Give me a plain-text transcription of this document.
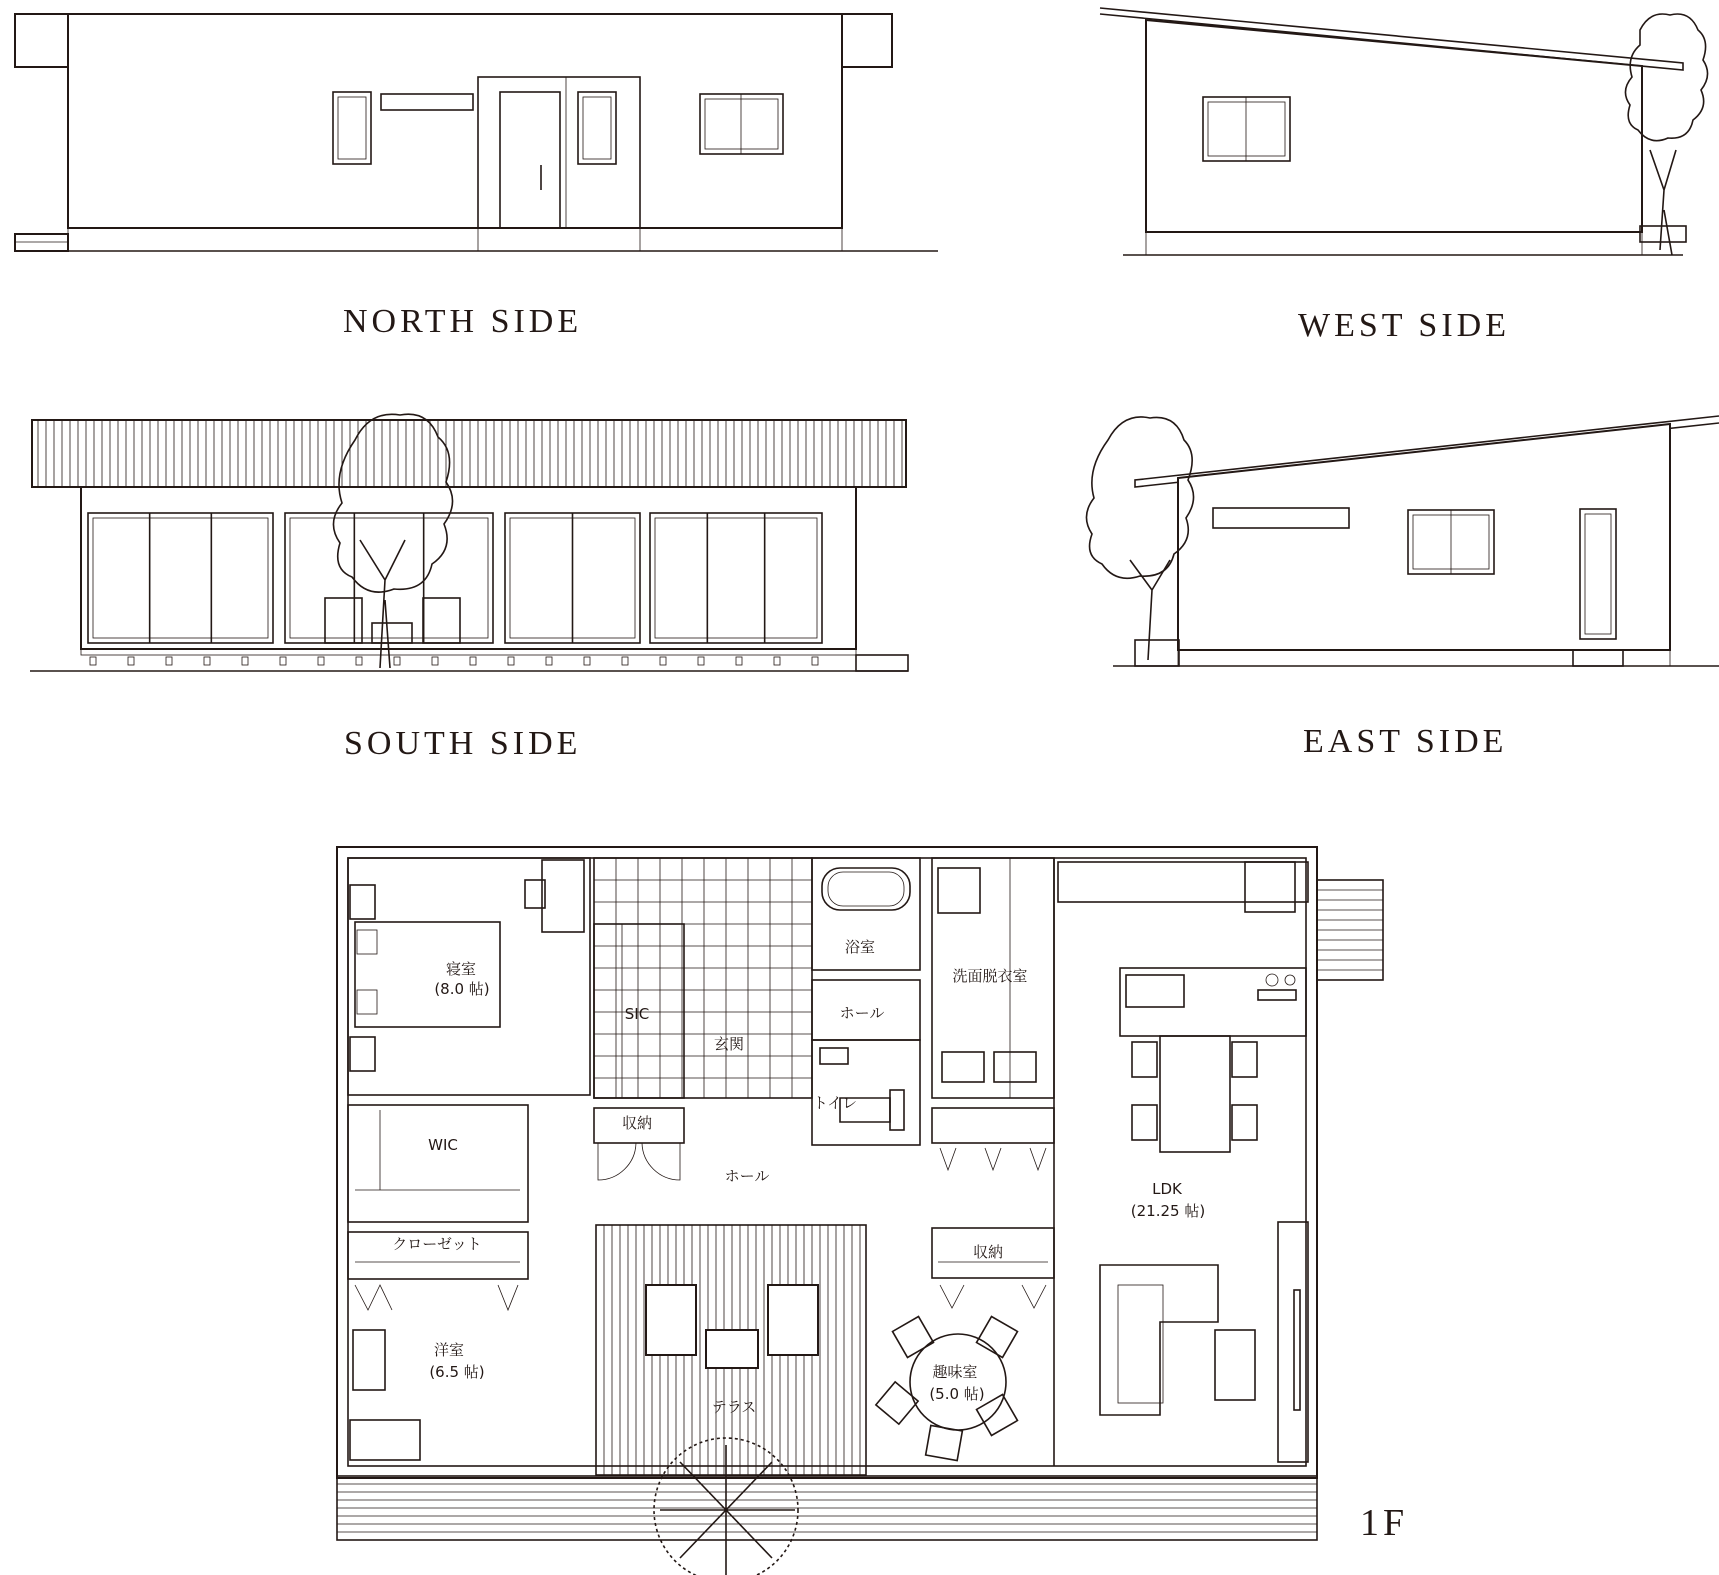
NORTH SIDE	WEST SIDE
SOUTH SIDE	EAST SIDE
寝室
(8.0 帖)
SIC
玄関
浴室
ホール
洗面脱衣室
トイレ
収納
WIC
ホール
クローゼット	収納
洋室
(6.5 帖)
テラス
趣味室
(5.0 帖)
LDK
(21.25 帖)
1F
